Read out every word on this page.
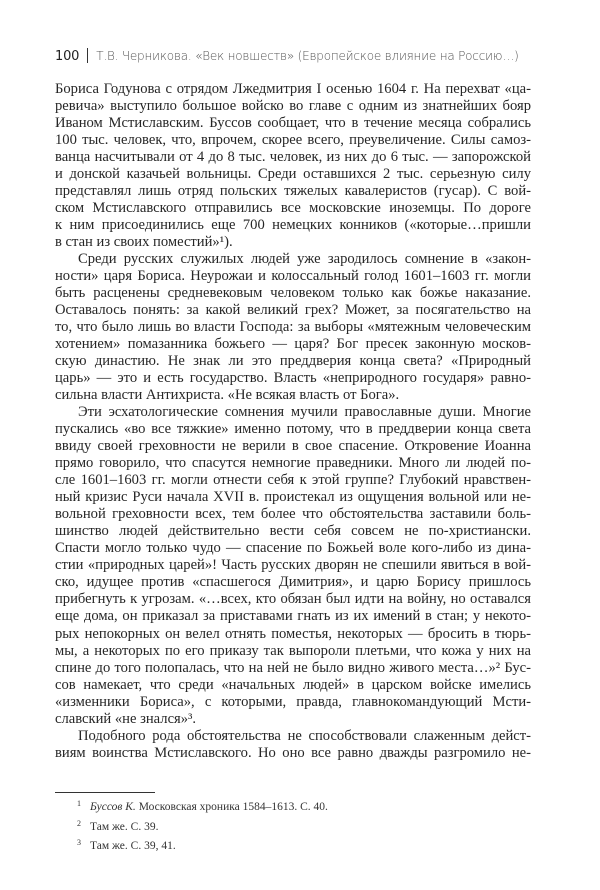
100 Т.В. Черникова. «Век новшеств» (Европейское влияние на Россию…)
Бориса Годунова с отрядом Лжедмитрия I осенью 1604 г. На перехват «ца-
ревича» выступило большое войско во главе с одним из знатнейших бояр
Иваном Мстиславским. Буссов сообщает, что в течение месяца собрались
100 тыс. человек, что, впрочем, скорее всего, преувеличение. Силы самоз-
ванца насчитывали от 4 до 8 тыс. человек, из них до 6 тыс. — запорожской
и донской казачьей вольницы. Среди оставшихся 2 тыс. серьезную силу
представлял лишь отряд польских тяжелых кавалеристов (гусар). С вой-
ском Мстиславского отправились все московские иноземцы. По дороге
к ним присоединились еще 700 немецких конников («которые…пришли
в стан из своих поместий»¹).
Среди русских служилых людей уже зародилось сомнение в «закон-
ности» царя Бориса. Неурожаи и колоссальный голод 1601–1603 гг. могли
быть расценены средневековым человеком только как божье наказание.
Оставалось понять: за какой великий грех? Может, за посягательство на
то, что было лишь во власти Господа: за выборы «мятежным человеческим
хотением» помазанника божьего — царя? Бог пресек законную москов-
скую династию. Не знак ли это преддверия конца света? «Природный
царь» — это и есть государство. Власть «неприродного государя» равно-
сильна власти Антихриста. «Не всякая власть от Бога».
Эти эсхатологические сомнения мучили православные души. Многие
пускались «во все тяжкие» именно потому, что в преддверии конца света
ввиду своей греховности не верили в свое спасение. Откровение Иоанна
прямо говорило, что спасутся немногие праведники. Много ли людей по-
сле 1601–1603 гг. могли отнести себя к этой группе? Глубокий нравствен-
ный кризис Руси начала XVII в. проистекал из ощущения вольной или не-
вольной греховности всех, тем более что обстоятельства заставили боль-
шинство людей действительно вести себя совсем не по-христиански.
Спасти могло только чудо — спасение по Божьей воле кого-либо из дина-
стии «природных царей»! Часть русских дворян не спешили явиться в вой-
ско, идущее против «спасшегося Димитрия», и царю Борису пришлось
прибегнуть к угрозам. «…всех, кто обязан был идти на войну, но оставался
еще дома, он приказал за приставами гнать из их имений в стан; у некото-
рых непокорных он велел отнять поместья, некоторых — бросить в тюрь-
мы, а некоторых по его приказу так выпороли плетьми, что кожа у них на
спине до того полопалась, что на ней не было видно живого места…»² Бус-
сов намекает, что среди «начальных людей» в царском войске имелись
«изменники Бориса», с которыми, правда, главнокомандующий Мсти-
славский «не знался»³.
Подобного рода обстоятельства не способствовали слаженным дейст-
виям воинства Мстиславского. Но оно все равно дважды разгромило не-
1 Буссов К. Московская хроника 1584–1613. С. 40.
2 Там же. С. 39.
3 Там же. С. 39, 41.
